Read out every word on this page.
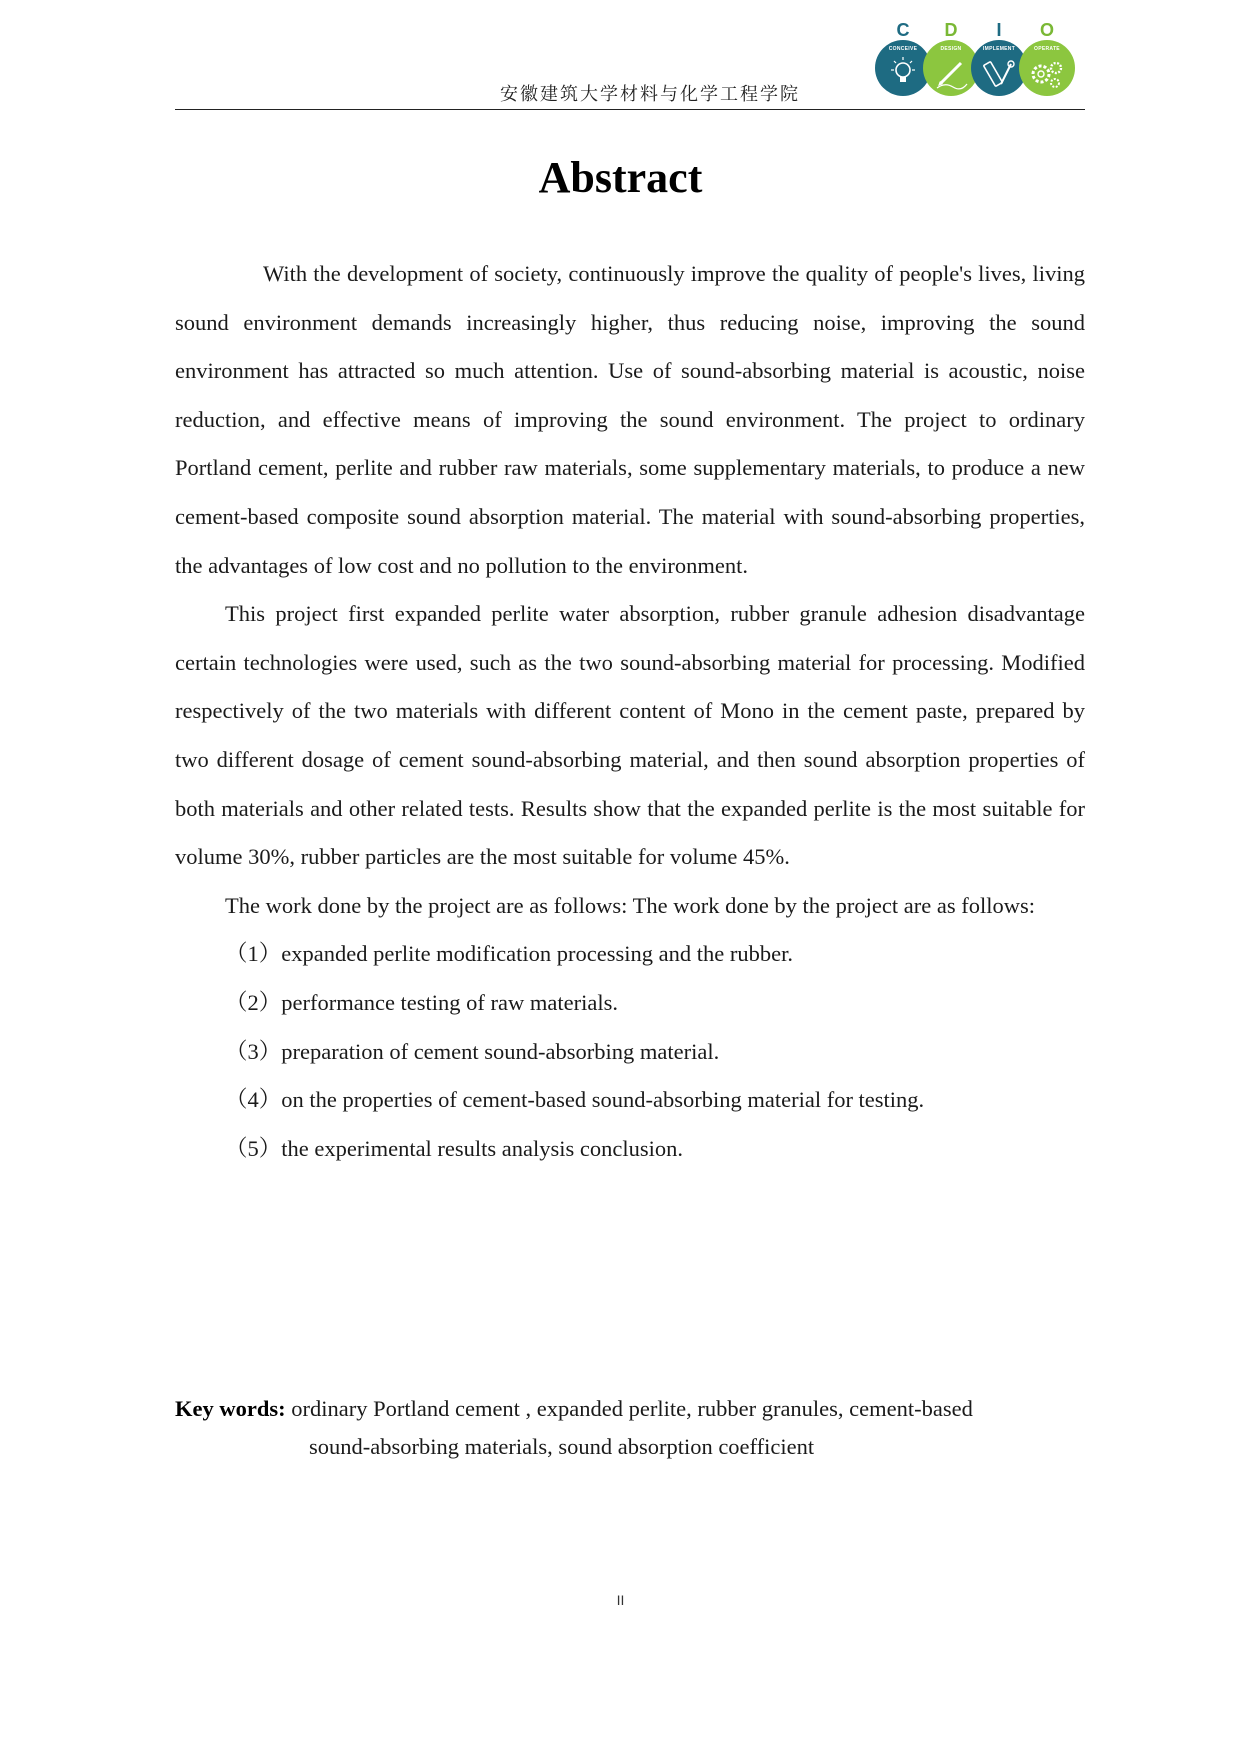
C	D	I	O
CONCEIVE	DESIGN	IMPLEMENT	OPERATE
安徽建筑大学材料与化学工程学院
Abstract

With the development of society, continuously improve the quality of people's lives, living sound environment demands increasingly higher, thus reducing noise, improving the sound environment has attracted so much attention. Use of sound-absorbing material is acoustic, noise reduction, and effective means of improving the sound environment. The project to ordinary Portland cement, perlite and rubber raw materials, some supplementary materials, to produce a new cement-based composite sound absorption material. The material with sound-absorbing properties, the advantages of low cost and no pollution to the environment.

This project first expanded perlite water absorption, rubber granule adhesion disadvantage certain technologies were used, such as the two sound-absorbing material for processing. Modified respectively of the two materials with different content of Mono in the cement paste, prepared by two different dosage of cement sound-absorbing material, and then sound absorption properties of both materials and other related tests. Results show that the expanded perlite is the most suitable for volume 30%, rubber particles are the most suitable for volume 45%.

The work done by the project are as follows: The work done by the project are as follows:

（1）expanded perlite modification processing and the rubber.

（2）performance testing of raw materials.

（3）preparation of cement sound-absorbing material.

（4）on the properties of cement-based sound-absorbing material for testing.

（5）the experimental results analysis conclusion.

Key words: ordinary Portland cement , expanded perlite, rubber granules, cement-based
sound-absorbing materials, sound absorption coefficient
II
